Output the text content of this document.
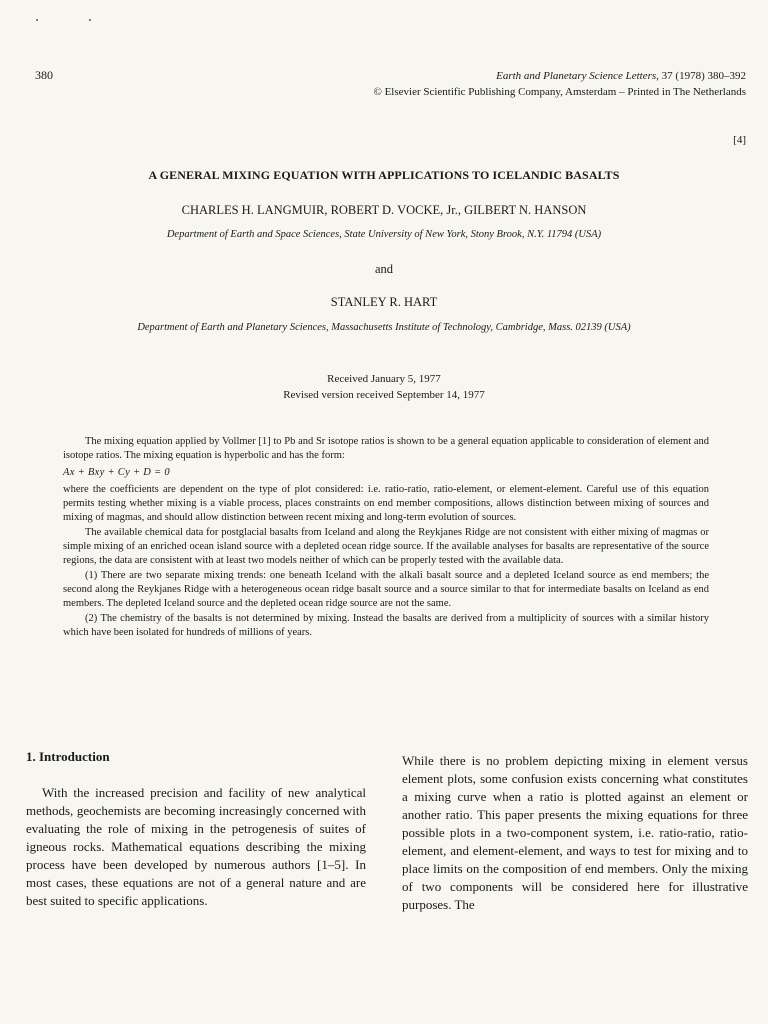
380	Earth and Planetary Science Letters, 37 (1978) 380–392
© Elsevier Scientific Publishing Company, Amsterdam – Printed in The Netherlands
[4]
A GENERAL MIXING EQUATION WITH APPLICATIONS TO ICELANDIC BASALTS
CHARLES H. LANGMUIR, ROBERT D. VOCKE, Jr., GILBERT N. HANSON
Department of Earth and Space Sciences, State University of New York, Stony Brook, N.Y. 11794 (USA)
and
STANLEY R. HART
Department of Earth and Planetary Sciences, Massachusetts Institute of Technology, Cambridge, Mass. 02139 (USA)
Received January 5, 1977
Revised version received September 14, 1977

The mixing equation applied by Vollmer [1] to Pb and Sr isotope ratios is shown to be a general equation applicable to consideration of element and isotope ratios. The mixing equation is hyperbolic and has the form:

Ax + Bxy + Cy + D = 0

where the coefficients are dependent on the type of plot considered: i.e. ratio-ratio, ratio-element, or element-element. Careful use of this equation permits testing whether mixing is a viable process, places constraints on end member compositions, allows distinction between mixing of sources and mixing of magmas, and should allow distinction between recent mixing and long-term evolution of sources.

The available chemical data for postglacial basalts from Iceland and along the Reykjanes Ridge are not consistent with either mixing of magmas or simple mixing of an enriched ocean island source with a depleted ocean ridge source. If the available analyses for basalts are representative of the source regions, the data are consistent with at least two models neither of which can be properly tested with the available data.

(1) There are two separate mixing trends: one beneath Iceland with the alkali basalt source and a depleted Iceland source as end members; the second along the Reykjanes Ridge with a heterogeneous ocean ridge basalt source and a source similar to that for intermediate basalts on Iceland as end members. The depleted Iceland source and the depleted ocean ridge source are not the same.

(2) The chemistry of the basalts is not determined by mixing. Instead the basalts are derived from a multiplicity of sources with a similar history which have been isolated for hundreds of millions of years.

1. Introduction

With the increased precision and facility of new analytical methods, geochemists are becoming increasingly concerned with evaluating the role of mixing in the petrogenesis of suites of igneous rocks. Mathematical equations describing the mixing process have been developed by numerous authors [1–5]. In most cases, these equations are not of a general nature and are best suited to specific applications.

While there is no problem depicting mixing in element versus element plots, some confusion exists concerning what constitutes a mixing curve when a ratio is plotted against an element or another ratio. This paper presents the mixing equations for three possible plots in a two-component system, i.e. ratio-ratio, ratio-element, and element-element, and ways to test for mixing and to place limits on the composition of end members. Only the mixing of two components will be considered here for illustrative purposes. The
